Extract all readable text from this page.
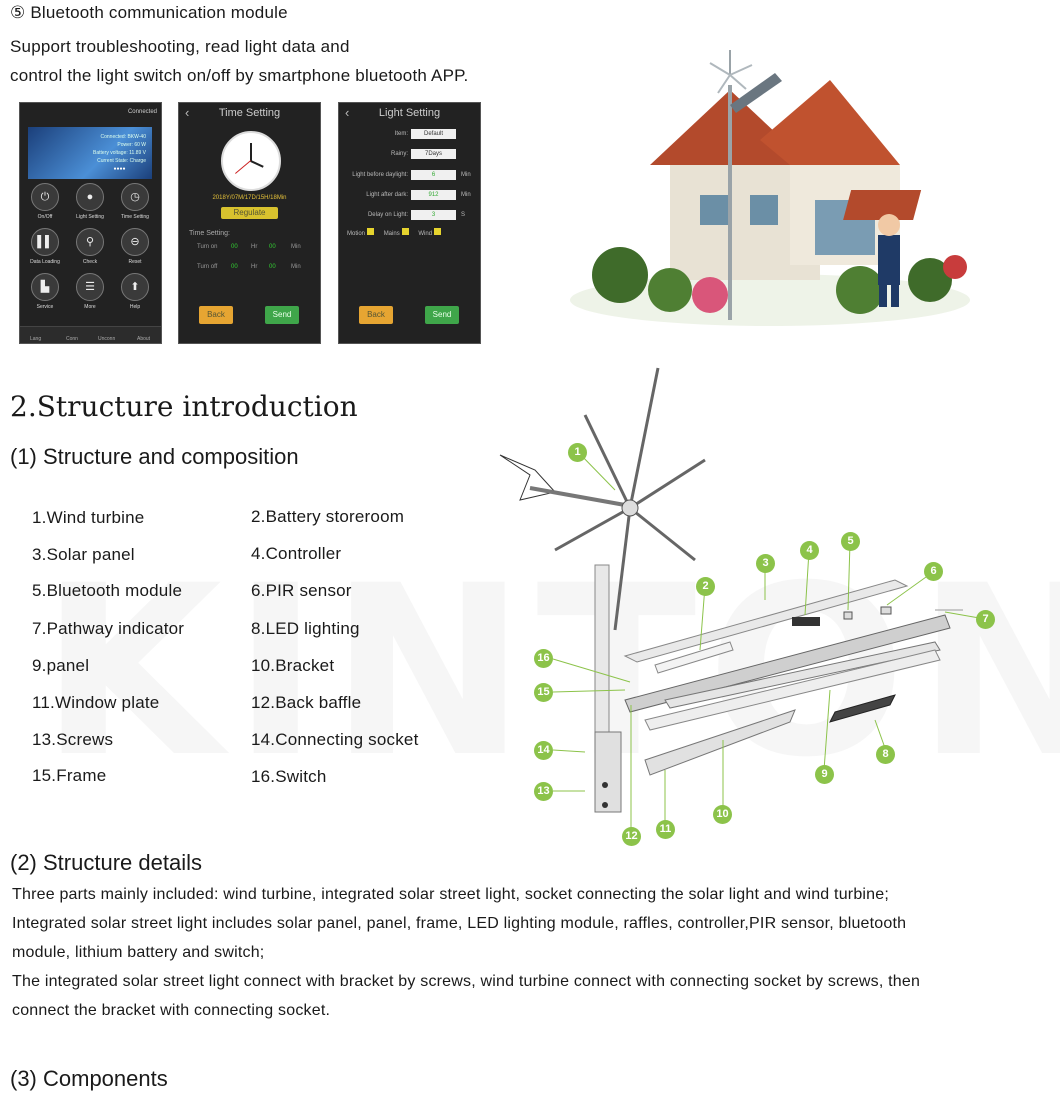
⑤ Bluetooth communication module
Support troubleshooting, read light data and
control the light switch on/off by smartphone bluetooth APP.
Connected
Connected: BKW-40
Power: 60 W
Battery voltage: 11.89 V
Current State: Charge
●●●●
⏻
On/Off
●
Light Setting
◷
Time Setting
▌▌
Data Loading
⚲
Check
⊖
Reset
▙
Service
☰
More
⬆
Help
Lang	Conn	Unconn	About
‹	Time Setting
2018Y/07M/17D/15H/18Min
Regulate
Time Setting:
Turn on 00 Hr 00	Min
Turn off 00 Hr 00	Min
Back	Send
‹	Light Setting
Item:	Default
Rainy:	7Days
Light before daylight:	6	Min
Light after dark:	912	Min
Delay on Light:	3	S
Motion	Mains	Wind
Back	Send
2.Structure introduction
(1) Structure and composition
1.Wind turbine	2.Battery storeroom
3.Solar panel	4.Controller
5.Bluetooth module	6.PIR sensor
7.Pathway indicator	8.LED lighting
9.panel	10.Bracket
11.Window plate	12.Back baffle
13.Screws	14.Connecting socket
15.Frame	16.Switch
1
2
3
4
5
6
7
8
9
10
11
12
13
14
15
16
(2) Structure details
Three parts mainly included: wind turbine, integrated solar street light, socket connecting the solar light and wind turbine;
Integrated solar street light includes solar panel, panel, frame, LED lighting module, raffles, controller,PIR sensor, bluetooth
module, lithium battery and switch;
The integrated solar street light connect with bracket by screws, wind turbine connect with connecting socket by screws, then
connect the bracket with connecting socket.
(3) Components
